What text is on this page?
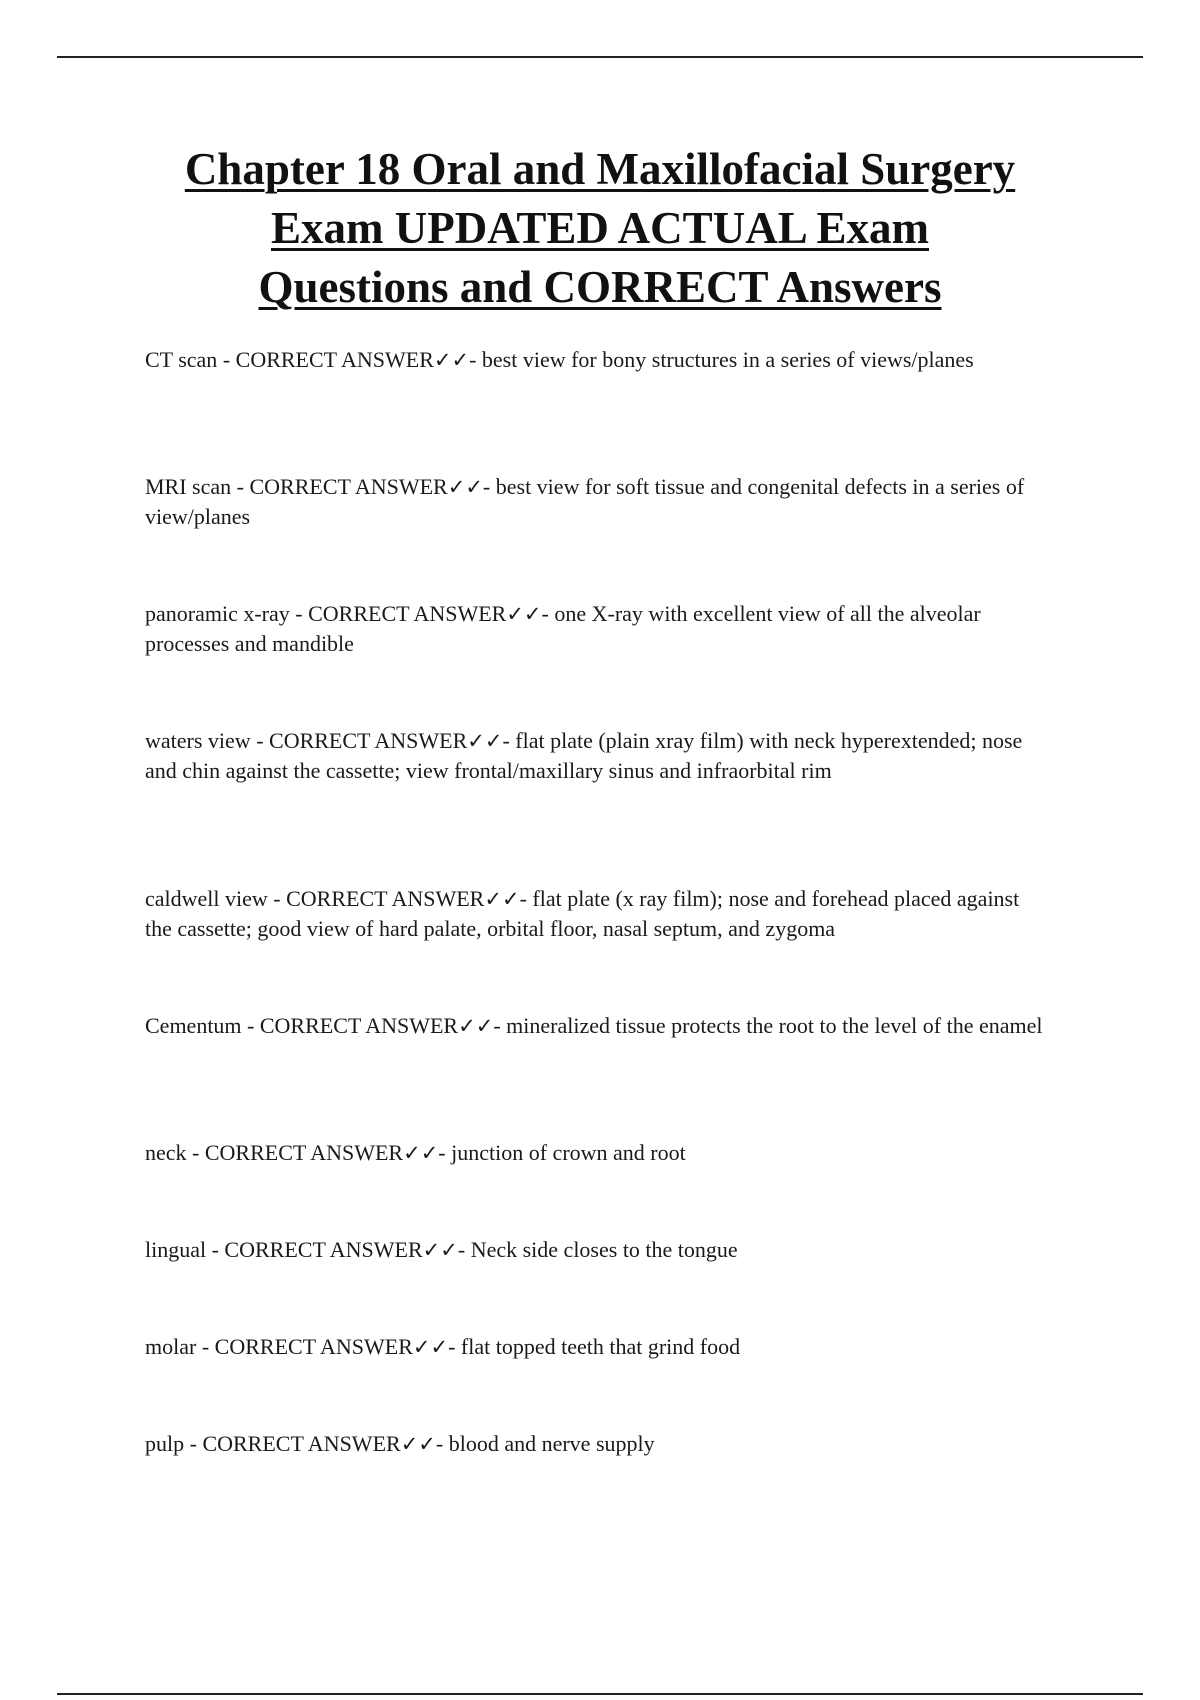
Chapter 18 Oral and Maxillofacial Surgery
Exam UPDATED ACTUAL Exam
Questions and CORRECT Answers

CT scan - CORRECT ANSWER✓✓- best view for bony structures in a series of views/planes

MRI scan - CORRECT ANSWER✓✓- best view for soft tissue and congenital defects in a series of view/planes

panoramic x-ray - CORRECT ANSWER✓✓- one X-ray with excellent view of all the alveolar processes and mandible

waters view - CORRECT ANSWER✓✓- flat plate (plain xray film) with neck hyperextended; nose and chin against the cassette; view frontal/maxillary sinus and infraorbital rim

caldwell view - CORRECT ANSWER✓✓- flat plate (x ray film); nose and forehead placed against the cassette; good view of hard palate, orbital floor, nasal septum, and zygoma

Cementum - CORRECT ANSWER✓✓- mineralized tissue protects the root to the level of the enamel

neck - CORRECT ANSWER✓✓- junction of crown and root

lingual - CORRECT ANSWER✓✓- Neck side closes to the tongue

molar - CORRECT ANSWER✓✓- flat topped teeth that grind food

pulp - CORRECT ANSWER✓✓- blood and nerve supply
